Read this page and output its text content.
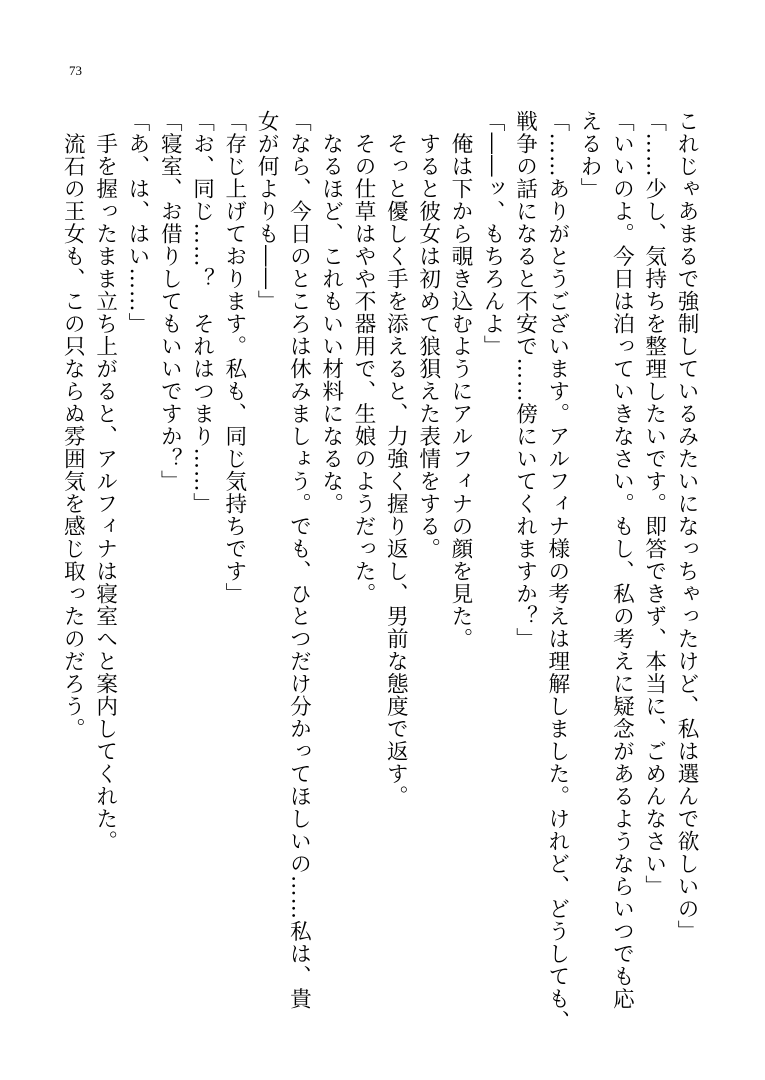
73
これじゃあまるで強制しているみたいになっちゃったけど、私は選んで欲しいの」
「……少し、気持ちを整理したいです。即答できず、本当に、ごめんなさい」
「いいのよ。今日は泊っていきなさい。もし、私の考えに疑念があるようならいつでも応
えるわ」
「……ありがとうございます。アルフィナ様の考えは理解しました。けれど、どうしても、
戦争の話になると不安で……傍にいてくれますか？」
「――ッ、もちろんよ」
　俺は下から覗き込むようにアルフィナの顔を見た。
　すると彼女は初めて狼狽えた表情をする。
　そっと優しく手を添えると、力強く握り返し、男前な態度で返す。
　その仕草はやや不器用で、生娘のようだった。
　なるほど、これもいい材料になるな。
「なら、今日のところは休みましょう。でも、ひとつだけ分かってほしいの……私は、貴
女が何よりも――」
「存じ上げております。私も、同じ気持ちです」
「お、同じ……？　それはつまり……」
「寝室、お借りしてもいいですか？」
「あ、は、はい……」
　手を握ったまま立ち上がると、アルフィナは寝室へと案内してくれた。
　流石の王女も、この只ならぬ雰囲気を感じ取ったのだろう。
